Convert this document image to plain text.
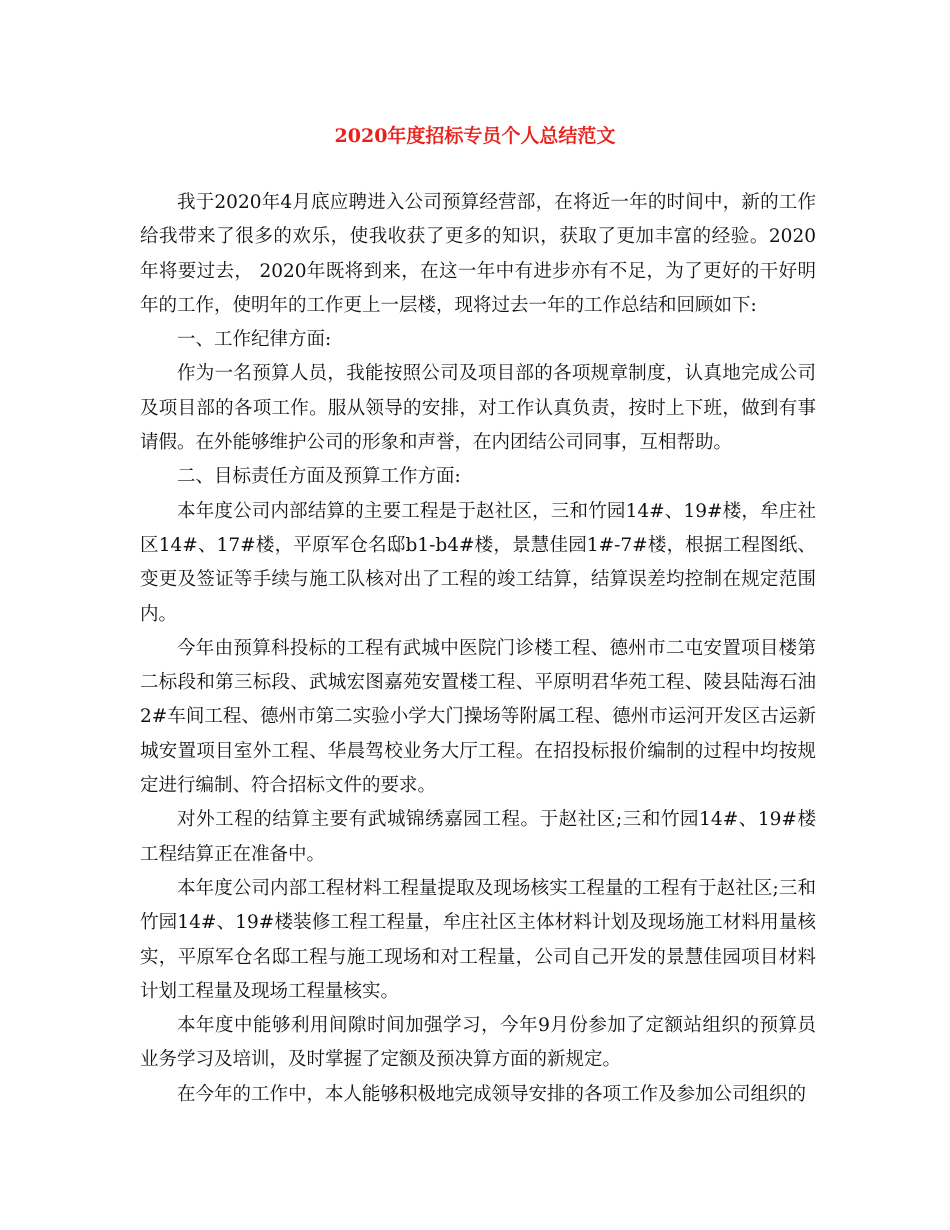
2020年度招标专员个人总结范文

我于2020年4月底应聘进入公司预算经营部，在将近一年的时间中，新的工作给我带来了很多的欢乐，使我收获了更多的知识，获取了更加丰富的经验。2020年将要过去， 2020年既将到来，在这一年中有进步亦有不足，为了更好的干好明年的工作，使明年的工作更上一层楼，现将过去一年的工作总结和回顾如下:

一、工作纪律方面:

作为一名预算人员，我能按照公司及项目部的各项规章制度，认真地完成公司及项目部的各项工作。服从领导的安排，对工作认真负责，按时上下班，做到有事请假。在外能够维护公司的形象和声誉，在内团结公司同事，互相帮助。

二、目标责任方面及预算工作方面:

本年度公司内部结算的主要工程是于赵社区，三和竹园14#、19#楼，牟庄社区14#、17#楼，平原军仓名邸b1-b4#楼，景慧佳园1#-7#楼，根据工程图纸、变更及签证等手续与施工队核对出了工程的竣工结算，结算误差均控制在规定范围内。

今年由预算科投标的工程有武城中医院门诊楼工程、德州市二屯安置项目楼第二标段和第三标段、武城宏图嘉苑安置楼工程、平原明君华苑工程、陵县陆海石油2#车间工程、德州市第二实验小学大门操场等附属工程、德州市运河开发区古运新城安置项目室外工程、华晨驾校业务大厅工程。在招投标报价编制的过程中均按规定进行编制、符合招标文件的要求。

对外工程的结算主要有武城锦绣嘉园工程。于赵社区;三和竹园14#、19#楼工程结算正在准备中。

本年度公司内部工程材料工程量提取及现场核实工程量的工程有于赵社区;三和竹园14#、19#楼装修工程工程量，牟庄社区主体材料计划及现场施工材料用量核实，平原军仓名邸工程与施工现场和对工程量，公司自己开发的景慧佳园项目材料计划工程量及现场工程量核实。

本年度中能够利用间隙时间加强学习，今年9月份参加了定额站组织的预算员业务学习及培训，及时掌握了定额及预决算方面的新规定。

在今年的工作中，本人能够积极地完成领导安排的各项工作及参加公司组织的
